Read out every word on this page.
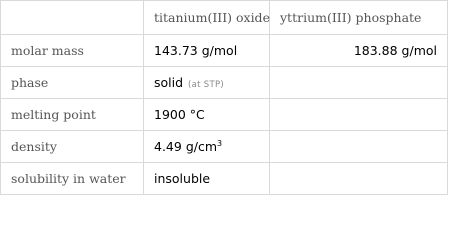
	titanium(III) oxide	yttrium(III) phosphate
molar mass	143.73 g/mol	183.88 g/mol
phase	solid (at STP)	
melting point	1900 °C	
density	4.49 $g/cm^3$	
solubility in water	insoluble	
